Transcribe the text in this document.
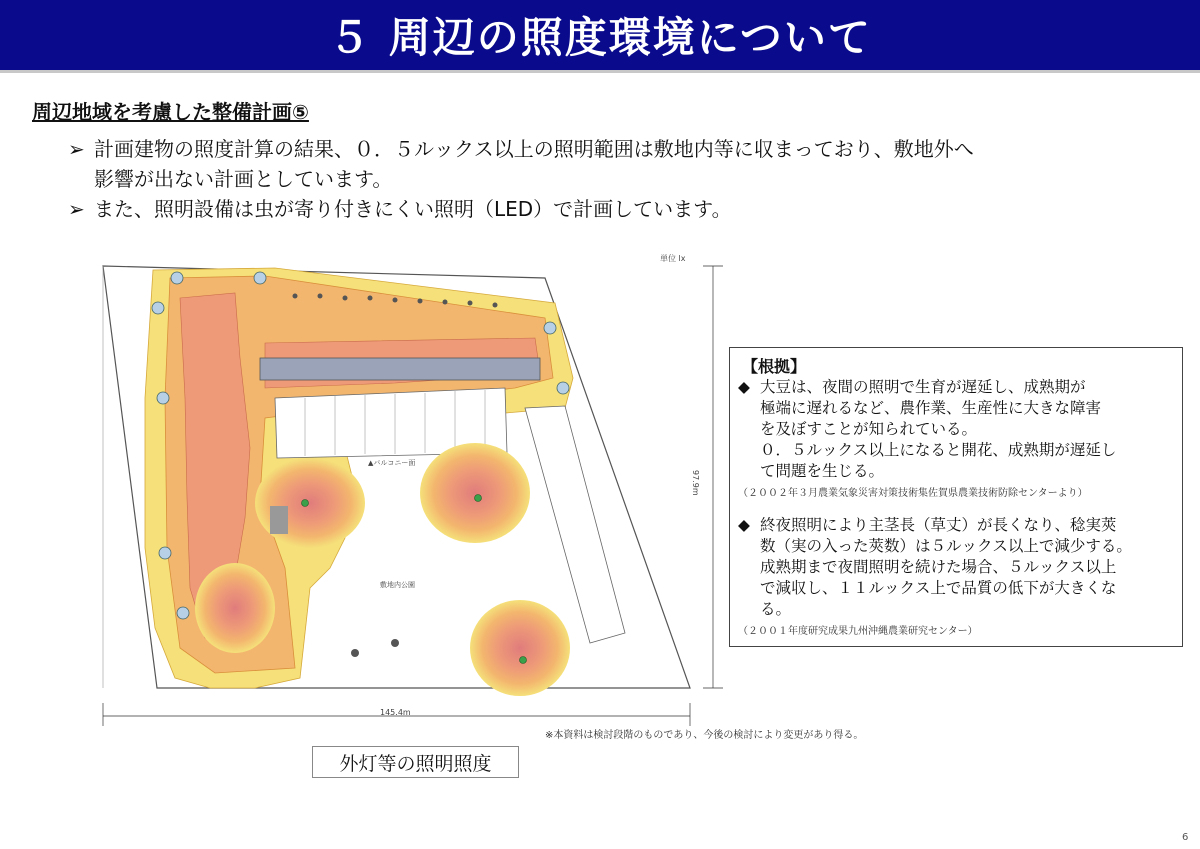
５ 周辺の照度環境について
周辺地域を考慮した整備計画⑤
➢ 計画建物の照度計算の結果、０．５ルックス以上の照明範囲は敷地内等に収まっており、敷地外へ
影響が出ない計画としています。
➢ また、照明設備は虫が寄り付きにくい照明（LED）で計画しています。
単位 lx
97.9m
145.4m
敷地内公園
▲バルコニー面
※本資料は検討段階のものであり、今後の検討により変更があり得る。
外灯等の照明照度
【根拠】
◆ 大豆は、夜間の照明で生育が遅延し、成熟期が
極端に遅れるなど、農作業、生産性に大きな障害
を及ぼすことが知られている。
０．５ルックス以上になると開花、成熟期が遅延し
て問題を生じる。
（２００２年３月農業気象災害対策技術集佐賀県農業技術防除センターより）
◆ 終夜照明により主茎長（草丈）が長くなり、稔実莢
数（実の入った莢数）は５ルックス以上で減少する。
成熟期まで夜間照明を続けた場合、５ルックス以上
で減収し、１１ルックス上で品質の低下が大きくな
る。
（２００１年度研究成果九州沖縄農業研究センター）
6
